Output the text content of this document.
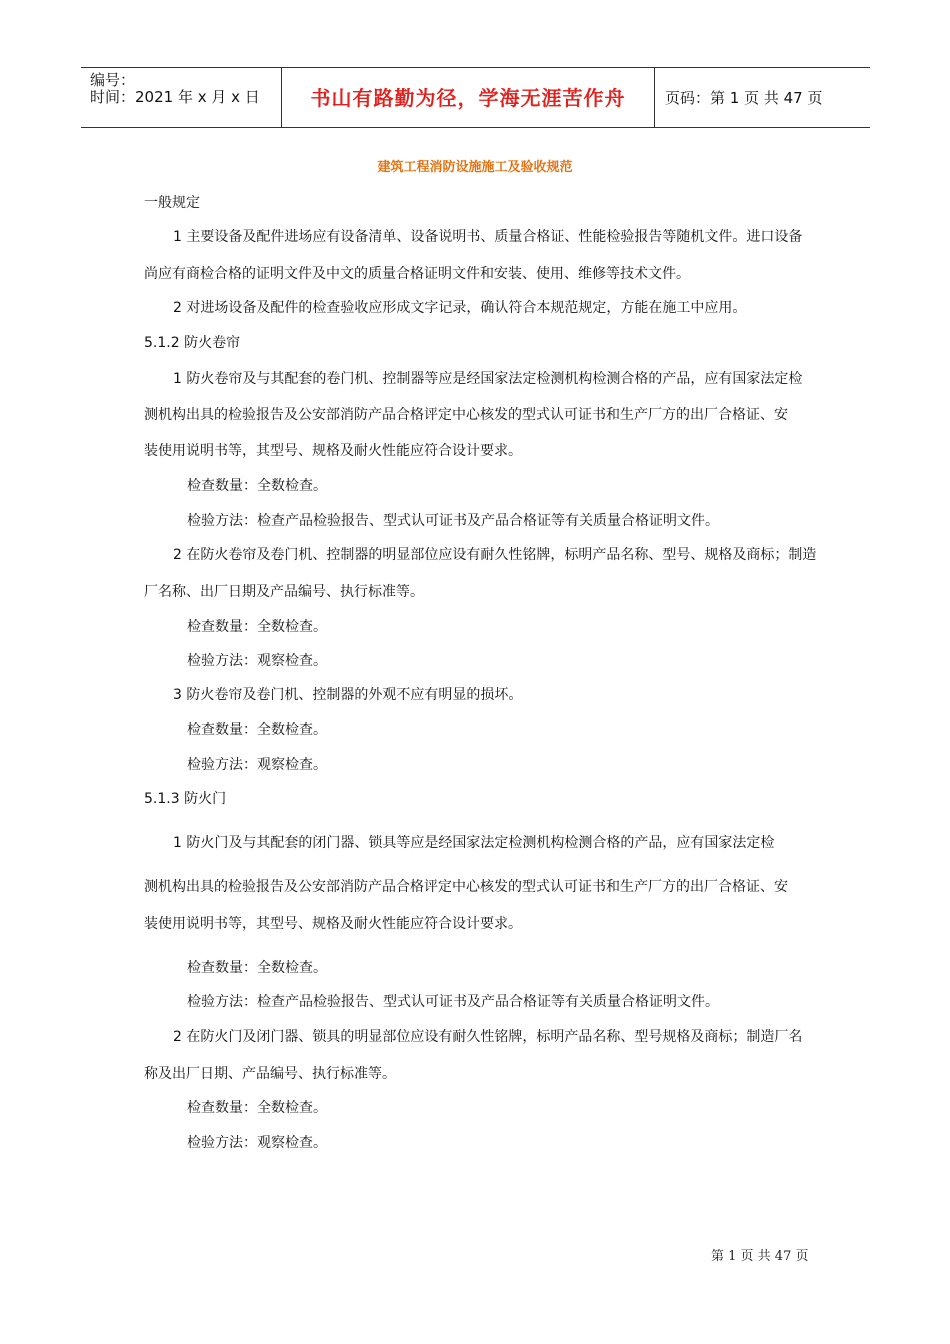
编号：
时间：2021 年 x 月 x 日	书山有路勤为径，学海无涯苦作舟	页码：第 1 页 共 47 页
建筑工程消防设施施工及验收规范
一般规定
1 主要设备及配件进场应有设备清单、设备说明书、质量合格证、性能检验报告等随机文件。进口设备
尚应有商检合格的证明文件及中文的质量合格证明文件和安装、使用、维修等技术文件。
2 对进场设备及配件的检查验收应形成文字记录，确认符合本规范规定，方能在施工中应用。
5.1.2 防火卷帘
1 防火卷帘及与其配套的卷门机、控制器等应是经国家法定检测机构检测合格的产品，应有国家法定检
测机构出具的检验报告及公安部消防产品合格评定中心核发的型式认可证书和生产厂方的出厂合格证、安
装使用说明书等，其型号、规格及耐火性能应符合设计要求。
检查数量：全数检查。
检验方法：检查产品检验报告、型式认可证书及产品合格证等有关质量合格证明文件。
2 在防火卷帘及卷门机、控制器的明显部位应设有耐久性铭牌，标明产品名称、型号、规格及商标；制造
厂名称、出厂日期及产品编号、执行标准等。
检查数量：全数检查。
检验方法：观察检查。
3 防火卷帘及卷门机、控制器的外观不应有明显的损坏。
检查数量：全数检查。
检验方法：观察检查。
5.1.3 防火门
1 防火门及与其配套的闭门器、锁具等应是经国家法定检测机构检测合格的产品，应有国家法定检
测机构出具的检验报告及公安部消防产品合格评定中心核发的型式认可证书和生产厂方的出厂合格证、安
装使用说明书等，其型号、规格及耐火性能应符合设计要求。
检查数量：全数检查。
检验方法：检查产品检验报告、型式认可证书及产品合格证等有关质量合格证明文件。
2 在防火门及闭门器、锁具的明显部位应设有耐久性铭牌，标明产品名称、型号规格及商标；制造厂名
称及出厂日期、产品编号、执行标准等。
检查数量：全数检查。
检验方法：观察检查。
第 1 页 共 47 页
